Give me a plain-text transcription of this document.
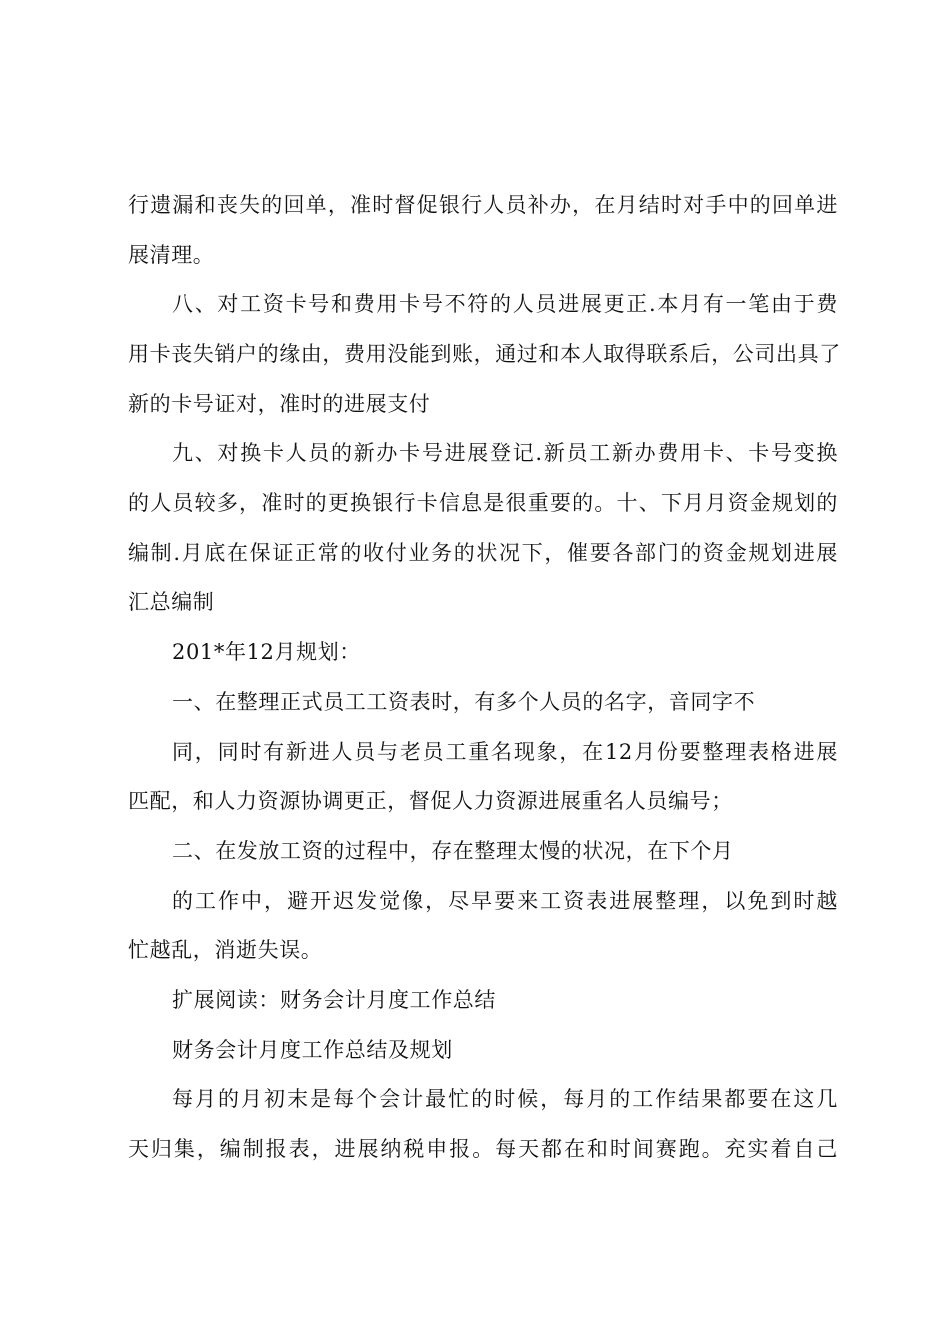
行遗漏和丧失的回单，准时督促银行人员补办，在月结时对手中的回单进
展清理。
八、对工资卡号和费用卡号不符的人员进展更正.本月有一笔由于费
用卡丧失销户的缘由，费用没能到账，通过和本人取得联系后，公司出具了
新的卡号证对，准时的进展支付
九、对换卡人员的新办卡号进展登记.新员工新办费用卡、卡号变换
的人员较多，准时的更换银行卡信息是很重要的。十、下月月资金规划的
编制.月底在保证正常的收付业务的状况下，催要各部门的资金规划进展
汇总编制
201*年12月规划：
一、在整理正式员工工资表时，有多个人员的名字，音同字不
同，同时有新进人员与老员工重名现象，在12月份要整理表格进展
匹配，和人力资源协调更正，督促人力资源进展重名人员编号；
二、在发放工资的过程中，存在整理太慢的状况，在下个月
的工作中，避开迟发觉像，尽早要来工资表进展整理，以免到时越
忙越乱，消逝失误。
扩展阅读：财务会计月度工作总结
财务会计月度工作总结及规划
每月的月初末是每个会计最忙的时候，每月的工作结果都要在这几
天归集，编制报表，进展纳税申报。每天都在和时间赛跑。充实着自己
